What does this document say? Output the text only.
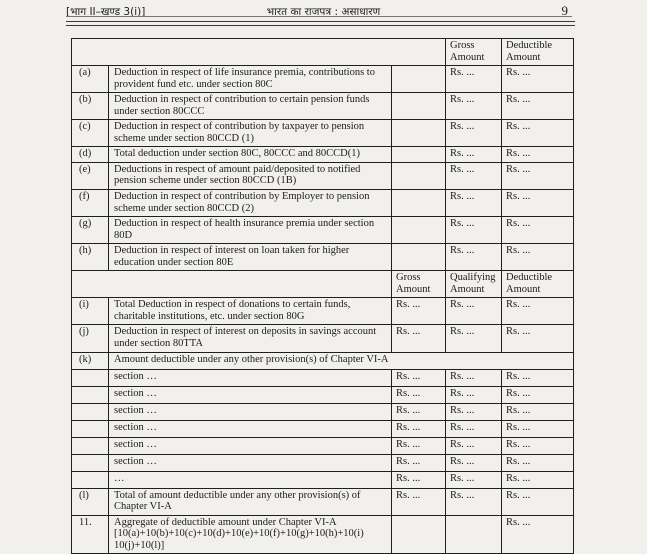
[भाग II–खण्ड 3(i)]	भारत का राजपत्र : असाधारण	9
			Gross Amount	Deductible Amount
(a)	Deduction in respect of life insurance premia, contributions to provident fund etc. under section 80C		Rs. ...	Rs. ...
(b)	Deduction in respect of contribution to certain pension funds under section 80CCC		Rs. ...	Rs. ...
(c)	Deduction in respect of contribution by taxpayer to pension scheme under section 80CCD (1)		Rs. ...	Rs. ...
(d)	Total deduction under section 80C, 80CCC and 80CCD(1)		Rs. ...	Rs. ...
(e)	Deductions in respect of amount paid/deposited to notified pension scheme under section 80CCD (1B)		Rs. ...	Rs. ...
(f)	Deduction in respect of contribution by Employer to pension scheme under section 80CCD (2)		Rs. ...	Rs. ...
(g)	Deduction in respect of health insurance premia under section 80D		Rs. ...	Rs. ...
(h)	Deduction in respect of interest on loan taken for higher education under section 80E		Rs. ...	Rs. ...
		Gross Amount	Qualifying Amount	Deductible Amount
(i)	Total Deduction in respect of donations to certain funds, charitable institutions, etc. under section 80G	Rs. ...	Rs. ...	Rs. ...
(j)	Deduction in respect of interest on deposits in savings account under section 80TTA	Rs. ...	Rs. ...	Rs. ...
(k)	Amount deductible under any other provision(s) of Chapter VI-A			
	section …	Rs. ...	Rs. ...	Rs. ...
	section …	Rs. ...	Rs. ...	Rs. ...
	section …	Rs. ...	Rs. ...	Rs. ...
	section …	Rs. ...	Rs. ...	Rs. ...
	section …	Rs. ...	Rs. ...	Rs. ...
	section …	Rs. ...	Rs. ...	Rs. ...
	…	Rs. ...	Rs. ...	Rs. ...
(l)	Total of amount deductible under any other provision(s) of Chapter VI-A	Rs. ...	Rs. ...	Rs. ...
11.	Aggregate of deductible amount under Chapter VI-A [10(a)+10(b)+10(c)+10(d)+10(e)+10(f)+10(g)+10(h)+10(i) 10(j)+10(l)]			Rs. ...
